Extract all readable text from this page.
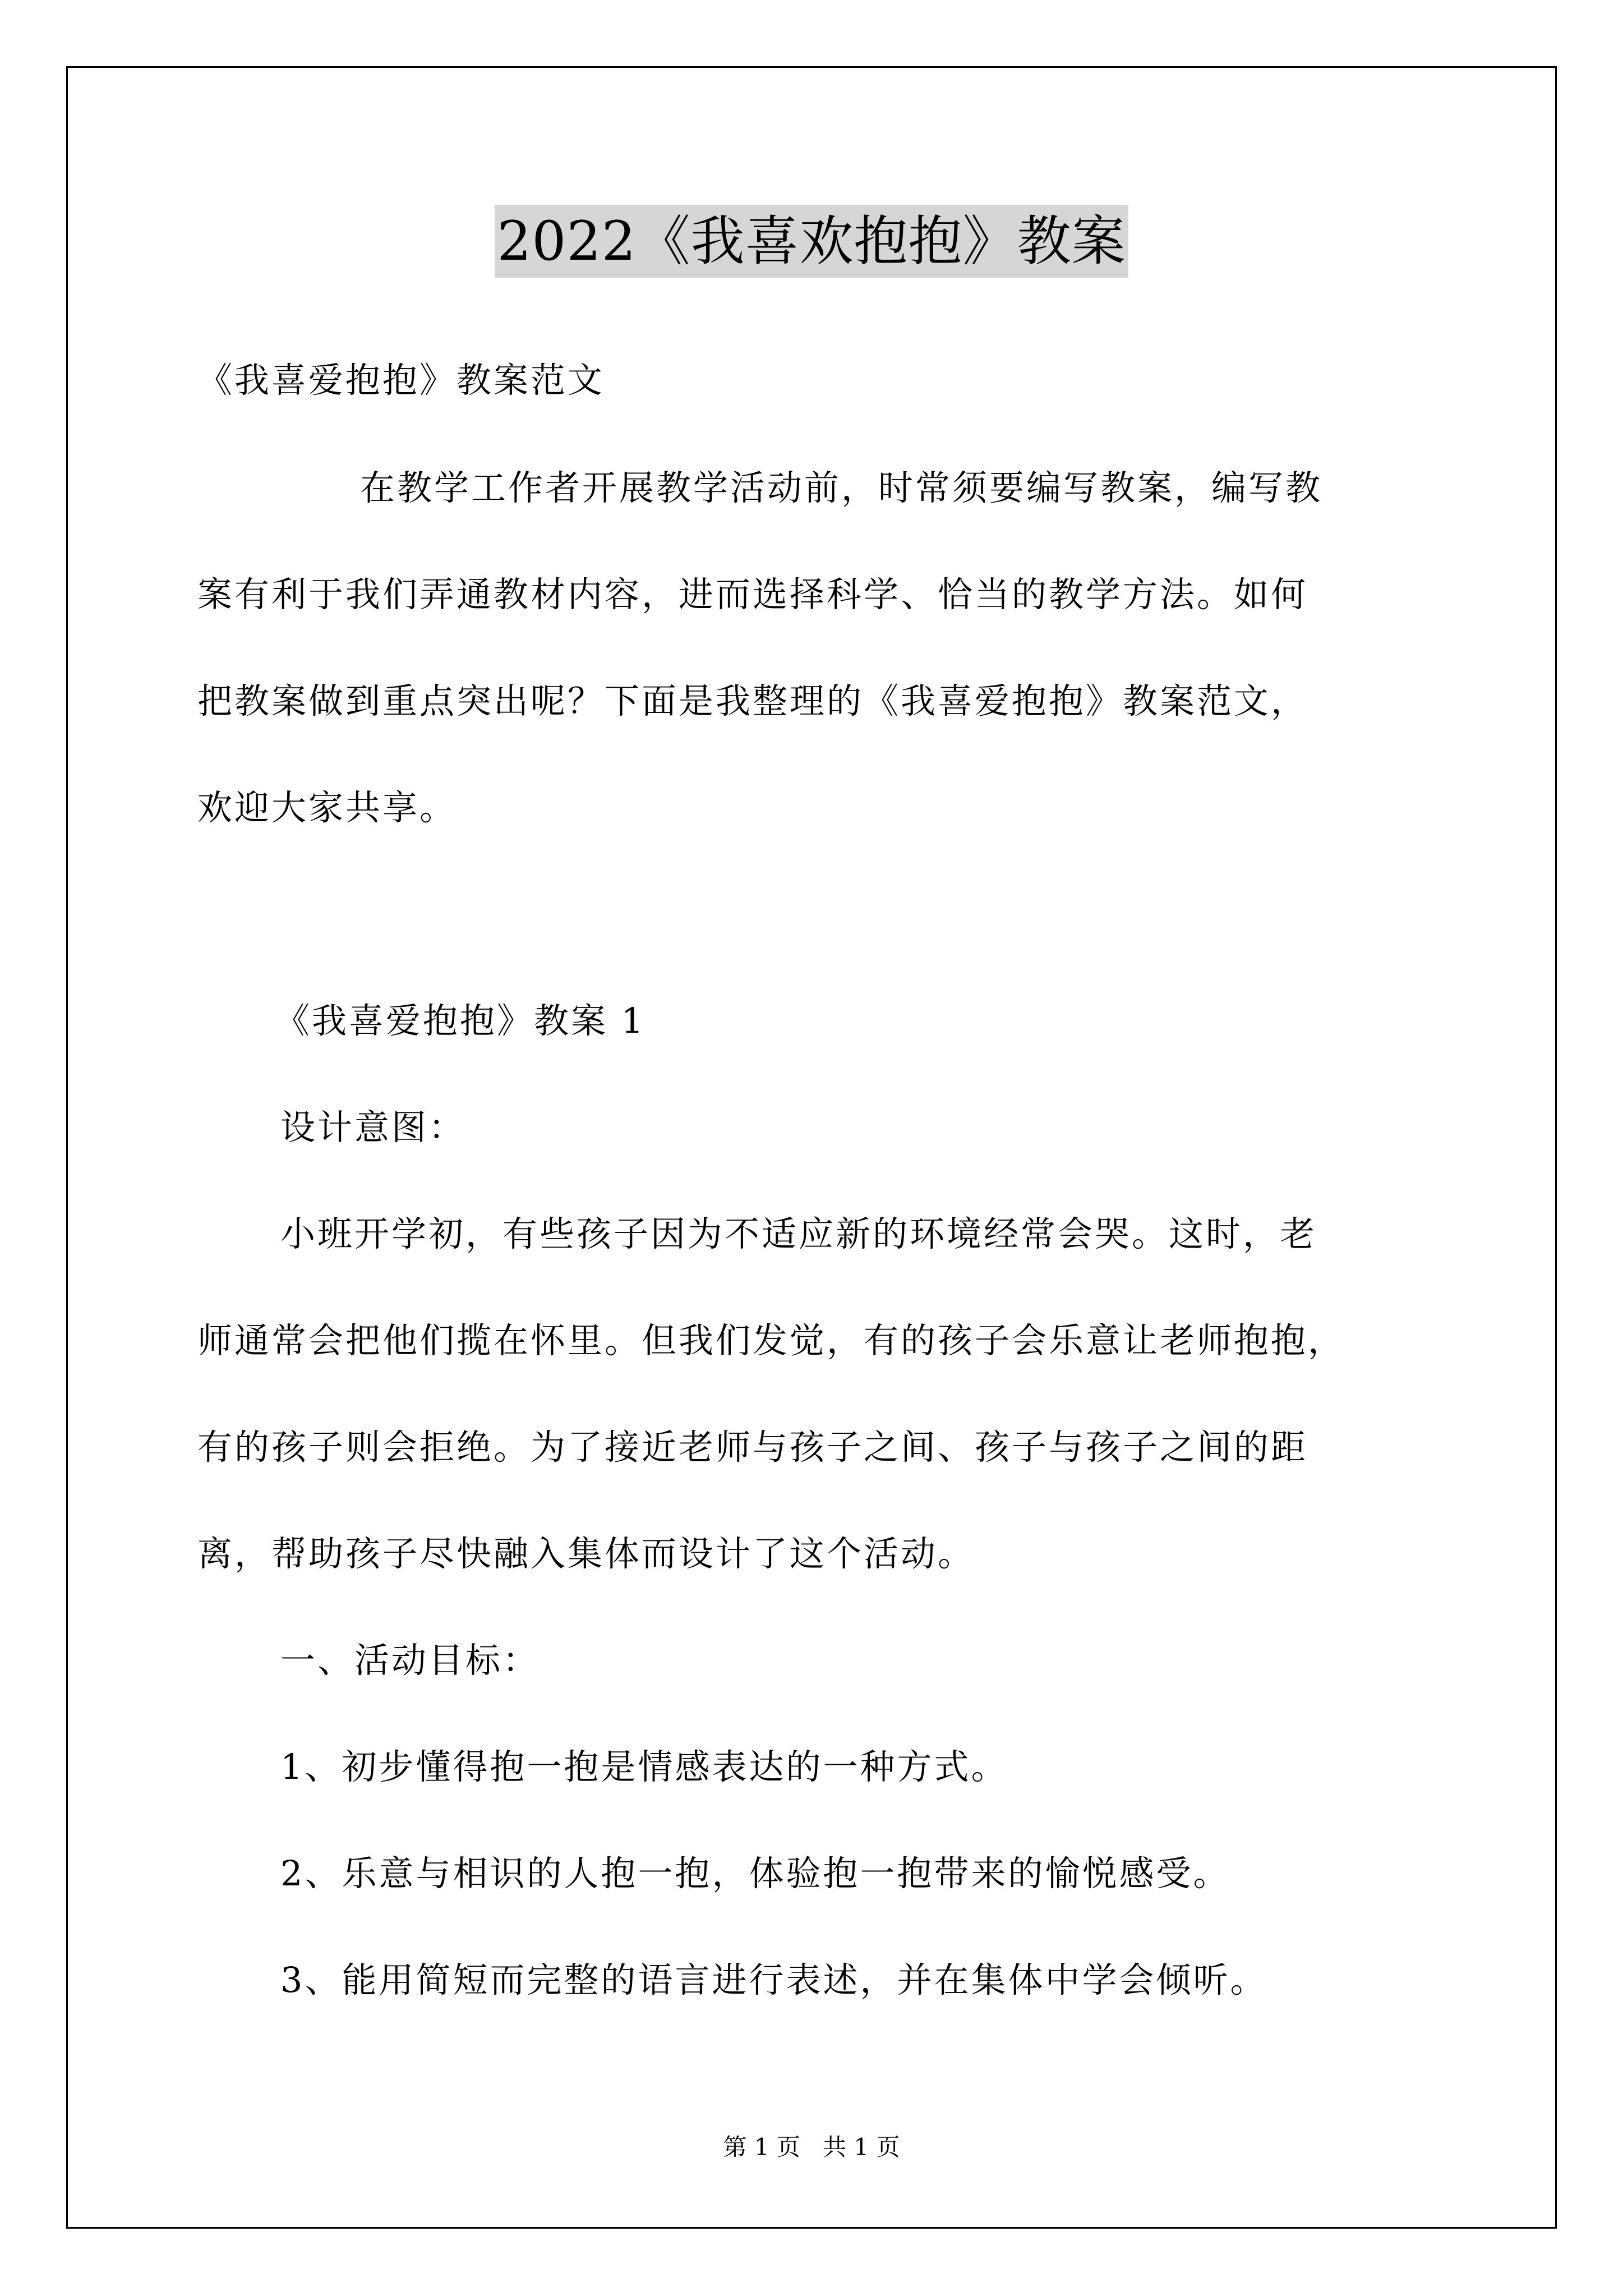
2022《我喜欢抱抱》教案
《我喜爱抱抱》教案范文
在教学工作者开展教学活动前，时常须要编写教案，编写教
案有利于我们弄通教材内容，进而选择科学、恰当的教学方法。如何
把教案做到重点突出呢？下面是我整理的《我喜爱抱抱》教案范文，
欢迎大家共享。
《我喜爱抱抱》教案 1
设计意图：
小班开学初，有些孩子因为不适应新的环境经常会哭。这时，老
师通常会把他们揽在怀里。但我们发觉，有的孩子会乐意让老师抱抱，
有的孩子则会拒绝。为了接近老师与孩子之间、孩子与孩子之间的距
离，帮助孩子尽快融入集体而设计了这个活动。
一、活动目标：
1、初步懂得抱一抱是情感表达的一种方式。
2、乐意与相识的人抱一抱，体验抱一抱带来的愉悦感受。
3、能用简短而完整的语言进行表述，并在集体中学会倾听。
第 1 页   共 1 页
